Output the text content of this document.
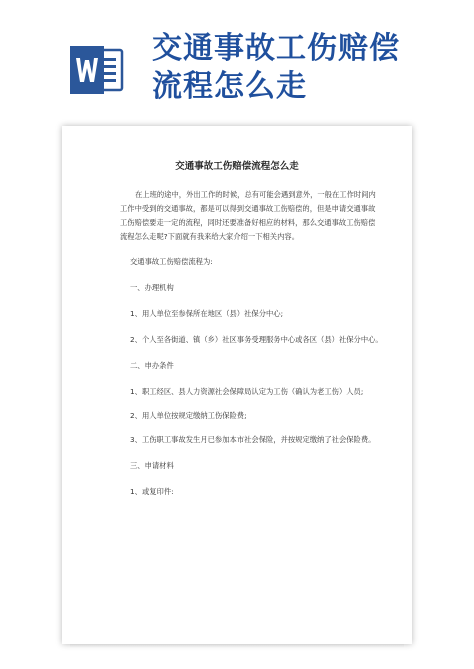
交通事故工伤赔偿
流程怎么走
交通事故工伤赔偿流程怎么走
在上班的途中，外出工作的时候，总有可能会遇到意外，一般在工作时间内工作中受到的交通事故，都是可以得到交通事故工伤赔偿的，但是申请交通事故工伤赔偿要走一定的流程，同时还要准备好相应的材料，那么交通事故工伤赔偿流程怎么走呢?下面就有我来给大家介绍一下相关内容。
交通事故工伤赔偿流程为:
一、办理机构
1、用人单位至参保所在地区（县）社保分中心;
2、个人至各街道、镇（乡）社区事务受理服务中心或各区（县）社保分中心。
二、申办条件
1、职工经区、县人力资源社会保障局认定为工伤（确认为老工伤）人员;
2、用人单位按规定缴纳工伤保险费;
3、工伤职工事故发生月已参加本市社会保险，并按规定缴纳了社会保险费。
三、申请材料
1、或复印件:
